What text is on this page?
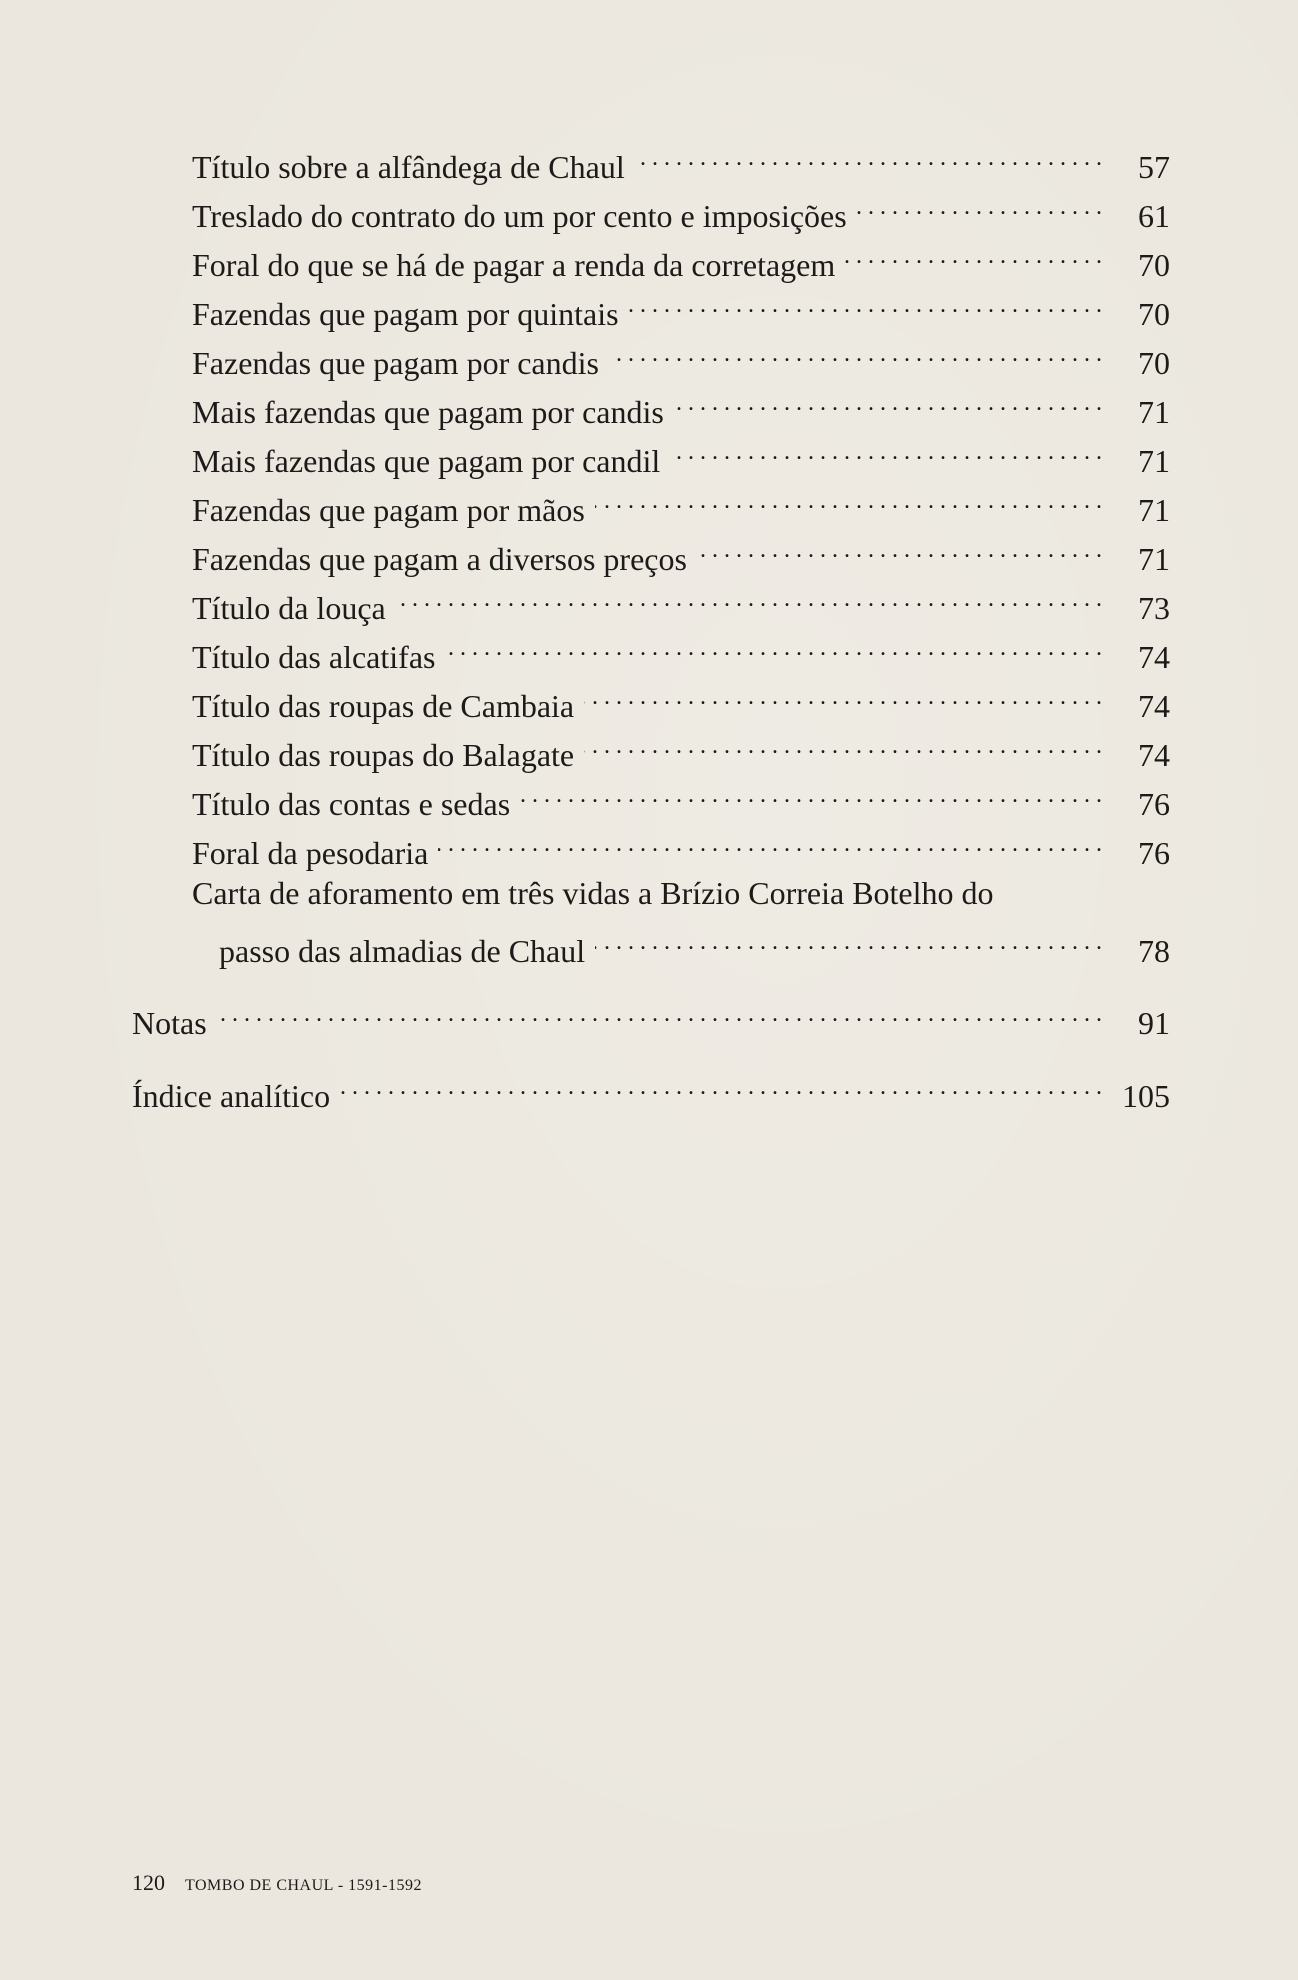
Título sobre a alfândega de Chaul . . .	57
Treslado do contrato do um por cento e imposições . . .	61
Foral do que se há de pagar a renda da corretagem . . .	70
Fazendas que pagam por quintais . . .	70
Fazendas que pagam por candis . . .	70
Mais fazendas que pagam por candis . . .	71
Mais fazendas que pagam por candil . . .	71
Fazendas que pagam por mãos . . .	71
Fazendas que pagam a diversos preços . . .	71
Título da louça . . .	73
Título das alcatifas . . .	74
Título das roupas de Cambaia . . .	74
Título das roupas do Balagate . . .	74
Título das contas e sedas . . .	76
Foral da pesodaria . . .	76
Carta de aforamento em três vidas a Brízio Correia Botelho do
passo das almadias de Chaul . . .	78
Notas . . .	91
Índice analítico . . .	105
120 TOMBO DE CHAUL - 1591-1592
